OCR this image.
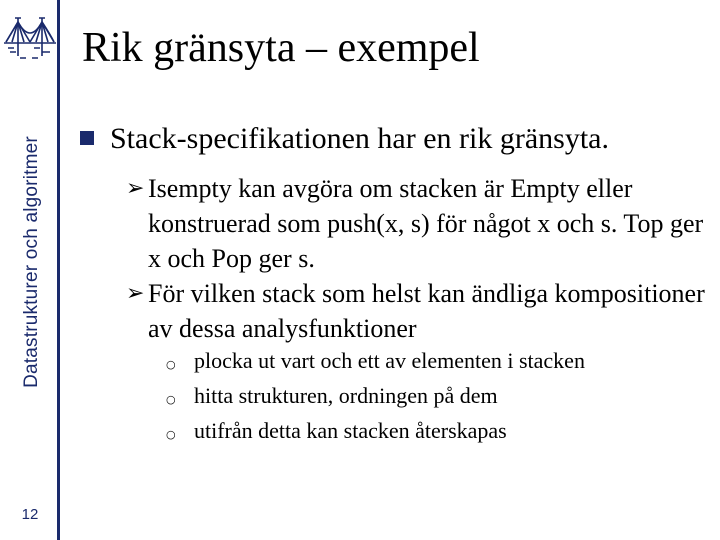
Datastrukturer och algoritmer
12
Rik gränsyta – exempel
Stack-specifikationen har en rik gränsyta.
➢ Isempty kan avgöra om stacken är Empty eller konstruerad som push(x, s) för något x och s. Top ger x och Pop ger s.
➢ För vilken stack som helst kan ändliga kompositioner av dessa analysfunktioner
○ plocka ut vart och ett av elementen i stacken
○ hitta strukturen, ordningen på dem
○ utifrån detta kan stacken återskapas
